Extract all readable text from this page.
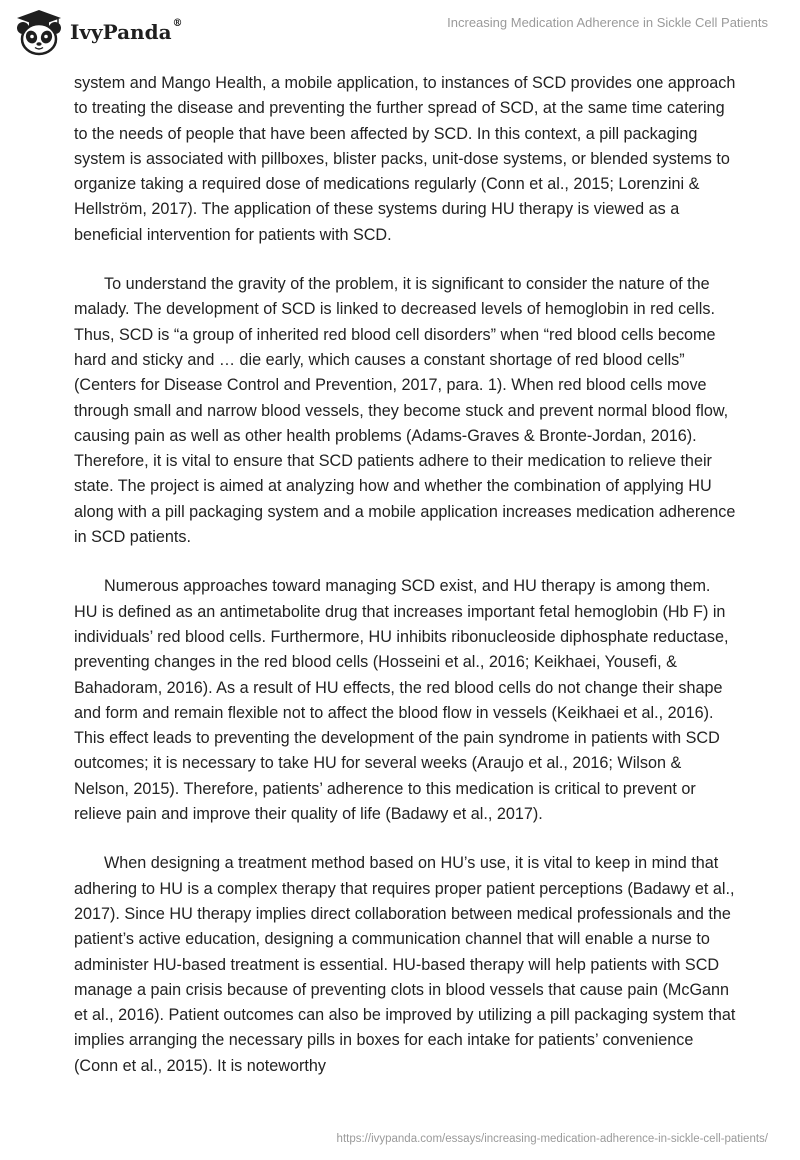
IvyPanda ®	Increasing Medication Adherence in Sickle Cell Patients

system and Mango Health, a mobile application, to instances of SCD provides one approach to treating the disease and preventing the further spread of SCD, at the same time catering to the needs of people that have been affected by SCD. In this context, a pill packaging system is associated with pillboxes, blister packs, unit-dose systems, or blended systems to organize taking a required dose of medications regularly (Conn et al., 2015; Lorenzini & Hellström, 2017). The application of these systems during HU therapy is viewed as a beneficial intervention for patients with SCD.

To understand the gravity of the problem, it is significant to consider the nature of the malady. The development of SCD is linked to decreased levels of hemoglobin in red cells. Thus, SCD is “a group of inherited red blood cell disorders” when “red blood cells become hard and sticky and … die early, which causes a constant shortage of red blood cells” (Centers for Disease Control and Prevention, 2017, para. 1). When red blood cells move through small and narrow blood vessels, they become stuck and prevent normal blood flow, causing pain as well as other health problems (Adams-Graves & Bronte-Jordan, 2016). Therefore, it is vital to ensure that SCD patients adhere to their medication to relieve their state. The project is aimed at analyzing how and whether the combination of applying HU along with a pill packaging system and a mobile application increases medication adherence in SCD patients.

Numerous approaches toward managing SCD exist, and HU therapy is among them. HU is defined as an antimetabolite drug that increases important fetal hemoglobin (Hb F) in individuals’ red blood cells. Furthermore, HU inhibits ribonucleoside diphosphate reductase, preventing changes in the red blood cells (Hosseini et al., 2016; Keikhaei, Yousefi, & Bahadoram, 2016). As a result of HU effects, the red blood cells do not change their shape and form and remain flexible not to affect the blood flow in vessels (Keikhaei et al., 2016). This effect leads to preventing the development of the pain syndrome in patients with SCD outcomes; it is necessary to take HU for several weeks (Araujo et al., 2016; Wilson & Nelson, 2015). Therefore, patients’ adherence to this medication is critical to prevent or relieve pain and improve their quality of life (Badawy et al., 2017).

When designing a treatment method based on HU’s use, it is vital to keep in mind that adhering to HU is a complex therapy that requires proper patient perceptions (Badawy et al., 2017). Since HU therapy implies direct collaboration between medical professionals and the patient’s active education, designing a communication channel that will enable a nurse to administer HU-based treatment is essential. HU-based therapy will help patients with SCD manage a pain crisis because of preventing clots in blood vessels that cause pain (McGann et al., 2016). Patient outcomes can also be improved by utilizing a pill packaging system that implies arranging the necessary pills in boxes for each intake for patients’ convenience (Conn et al., 2015). It is noteworthy

https://ivypanda.com/essays/increasing-medication-adherence-in-sickle-cell-patients/
